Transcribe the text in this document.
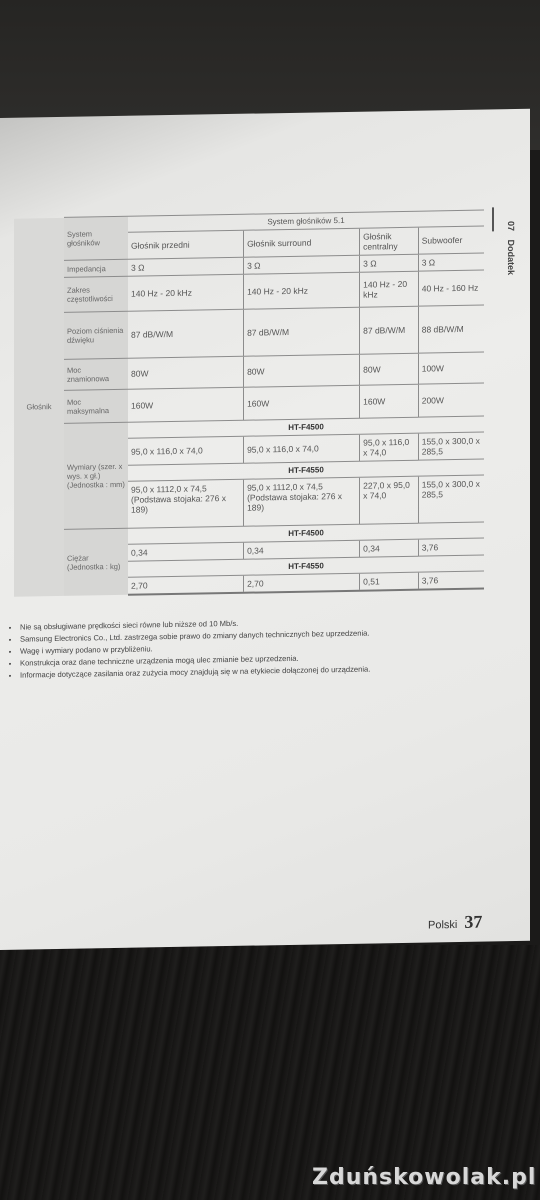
07 Dodatek
Głośnik	System głośników	System głośników 5.1			
		Głośnik przedni	Głośnik surround	Głośnik centralny	Subwoofer
	Impedancja	3 Ω	3 Ω	3 Ω	3 Ω
	Zakres częstotliwości	140 Hz - 20 kHz	140 Hz - 20 kHz	140 Hz - 20 kHz	40 Hz - 160 Hz
	Poziom ciśnienia dźwięku	87 dB/W/M	87 dB/W/M	87 dB/W/M	88 dB/W/M
	Moc znamionowa	80W	80W	80W	100W
	Moc maksymalna	160W	160W	160W	200W
	Wymiary (szer. x wys. x gł.) (Jednostka : mm)	HT-F4500			
		95,0 x 116,0 x 74,0	95,0 x 116,0 x 74,0	95,0 x 116,0 x 74,0	155,0 x 300,0 x 285,5
		HT-F4550			
		95,0 x 1112,0 x 74,5 (Podstawa stojaka: 276 x 189)	95,0 x 1112,0 x 74,5 (Podstawa stojaka: 276 x 189)	227,0 x 95,0 x 74,0	155,0 x 300,0 x 285,5
	Ciężar (Jednostka : kg)	HT-F4500			
		0,34	0,34	0,34	3,76
		HT-F4550			
		2,70	2,70	0,51	3,76
• Nie są obsługiwane prędkości sieci równe lub niższe od 10 Mb/s.
• Samsung Electronics Co., Ltd. zastrzega sobie prawo do zmiany danych technicznych bez uprzedzenia.
• Wagę i wymiary podano w przybliżeniu.
• Konstrukcja oraz dane techniczne urządzenia mogą ulec zmianie bez uprzedzenia.
• Informacje dotyczące zasilania oraz zużycia mocy znajdują się w na etykiecie dołączonej do urządzenia.
Polski 37
Zduńskowolak.pl
